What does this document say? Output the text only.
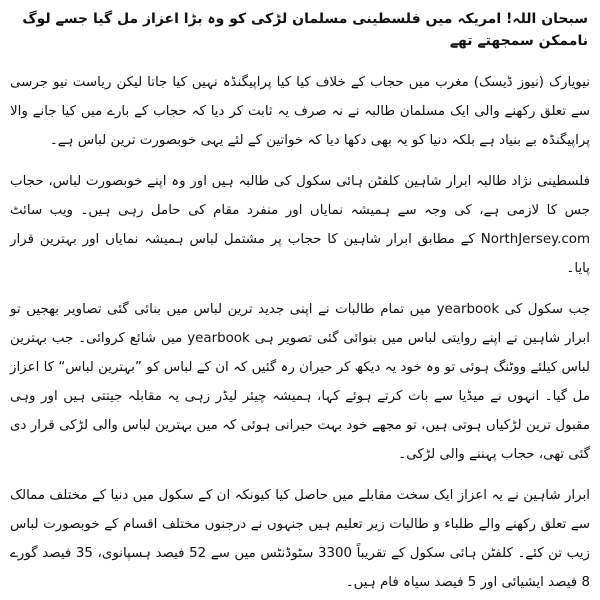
سبحان اللہ! امریکہ میں فلسطینی مسلمان لڑکی کو وہ بڑا اعزاز مل گیا جسے لوگ ناممکن سمجھتے تھے

نیویارک (نیوز ڈیسک) مغرب میں حجاب کے خلاف کیا کیا پراپیگنڈہ نہیں کیا جاتا لیکن ریاست نیو جرسی سے تعلق رکھنے والی ایک مسلمان طالبہ نے نہ صرف یہ ثابت کر دیا کہ حجاب کے بارے میں کیا جانے والا پراپیگنڈہ بے بنیاد ہے بلکہ دنیا کو یہ بھی دکھا دیا کہ خواتین کے لئے یہی خوبصورت ترین لباس ہے۔

فلسطینی نژاد طالبہ ابرار شاہین کلفٹن ہائی سکول کی طالبہ ہیں اور وہ اپنے خوبصورت لباس، حجاب جس کا لازمی ہے، کی وجہ سے ہمیشہ نمایاں اور منفرد مقام کی حامل رہی ہیں۔ ویب سائٹ NorthJersey.com کے مطابق ابرار شاہین کا حجاب پر مشتمل لباس ہمیشہ نمایاں اور بہترین قرار پایا۔

جب سکول کی yearbook میں تمام طالبات نے اپنی جدید ترین لباس میں بنائی گئی تصاویر بھجیں تو ابرار شاہین نے اپنے روایتی لباس میں بنوائی گئی تصویر ہی yearbook میں شائع کروائی۔ جب بہترین لباس کیلئے ووٹنگ ہوئی تو وہ خود یہ دیکھ کر حیران رہ گئیں کہ ان کے لباس کو ”بہترین لباس“ کا اعزاز مل گیا۔ انہوں نے میڈیا سے بات کرتے ہوئے کہا، ہمیشہ چیئر لیڈر زہی یہ مقابلہ جیتتی ہیں اور وہی مقبول ترین لڑکیاں ہوتی ہیں، تو مجھے خود بہت حیرانی ہوئی کہ میں بہترین لباس والی لڑکی قرار دی گئی تھی، حجاب پہننے والی لڑکی۔

ابرار شاہین نے یہ اعزاز ایک سخت مقابلے میں حاصل کیا کیونکہ ان کے سکول میں دنیا کے مختلف ممالک سے تعلق رکھنے والے طلباء و طالبات زیر تعلیم ہیں جنہوں نے درجنوں مختلف اقسام کے خوبصورت لباس زیب تن کئے۔ کلفٹن ہائی سکول کے تقریباً 3300 سٹوڈنٹس میں سے 52 فیصد ہسپانوی، 35 فیصد گورے 8 فیصد ایشیائی اور 5 فیصد سیاہ فام ہیں۔
